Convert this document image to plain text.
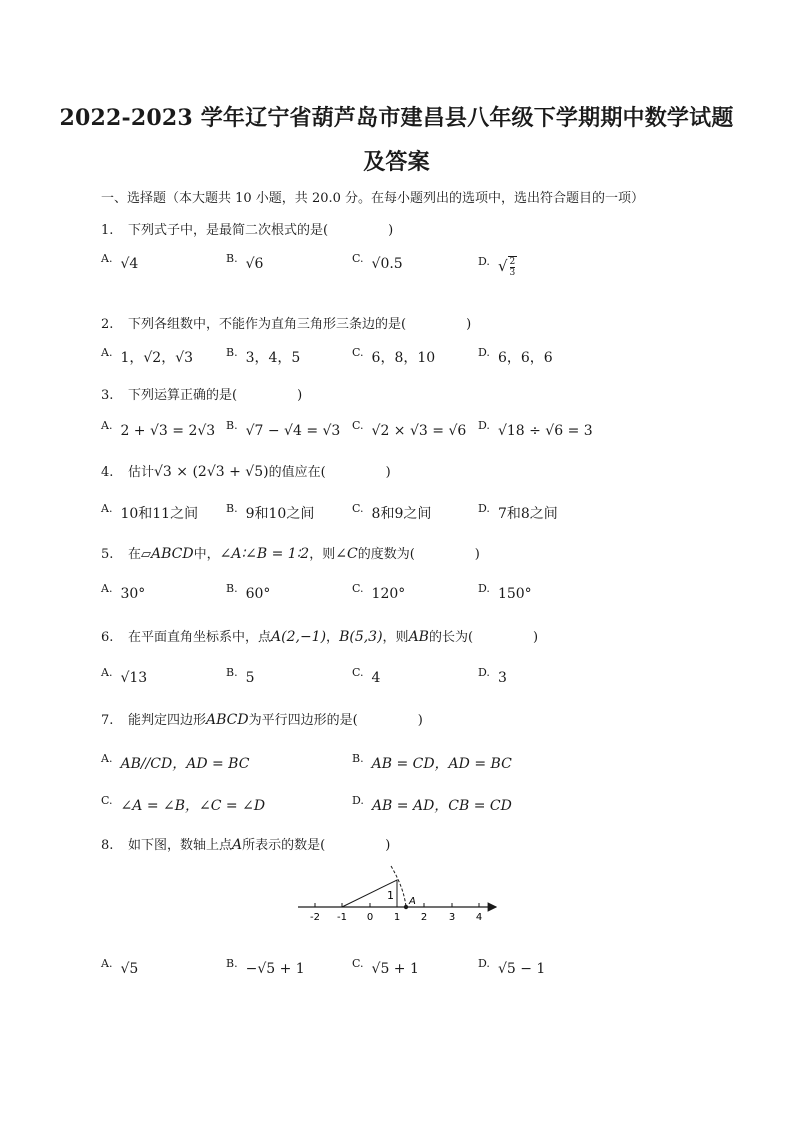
2022-2023 学年辽宁省葫芦岛市建昌县八年级下学期期中数学试题
及答案
一、选择题（本大题共 10 小题，共 20.0 分。在每小题列出的选项中，选出符合题目的一项）
1. 下列式子中，是最简二次根式的是(	)
$^{A.}$ √4	$^{B.}$ √6	$^{C.}$ √0.5	$^{D.}$ √ $\frac{2}{3}$
2. 下列各组数中，不能作为直角三角形三条边的是(	)
$^{A.}$ 1，√2，√3	$^{B.}$ 3，4，5	$^{C.}$ 6，8，10	$^{D.}$ 6，6，6
3. 下列运算正确的是(	)
$^{A.}$ 2 + √3 = 2√3 $^{B.}$ √7 − √4 = √3 $^{C.}$ √2 × √3 = √6 $^{D.}$ √18 ÷ √6 = 3
4. 估计√3 × (2√3 + √5)的值应在(	)
$^{A.}$ 10和11之间	$^{B.}$ 9和10之间	$^{C.}$ 8和9之间	$^{D.}$ 7和8之间
5. 在▱ABCD中，∠A∶∠B = 1∶2，则∠C的度数为(	)
$^{A.}$ 30°	$^{B.}$ 60°	$^{C.}$ 120°	$^{D.}$ 150°
6. 在平面直角坐标系中，点A(2,−1)，B(5,3)，则AB的长为(	)
$^{A.}$ √13	$^{B.}$ 5	$^{C.}$ 4	$^{D.}$ 3
7. 能判定四边形ABCD为平行四边形的是(	)
$^{A.}$ AB//CD，AD = BC	$^{B.}$ AB = CD，AD = BC
$^{C.}$ ∠A = ∠B，∠C = ∠D	$^{D.}$ AB = AD，CB = CD
8. 如下图，数轴上点A所表示的数是(	)
1 A
-2 -1 0 1 2 3 4
$^{A.}$ √5	$^{B.}$ −√5 + 1	$^{C.}$ √5 + 1	$^{D.}$ √5 − 1
